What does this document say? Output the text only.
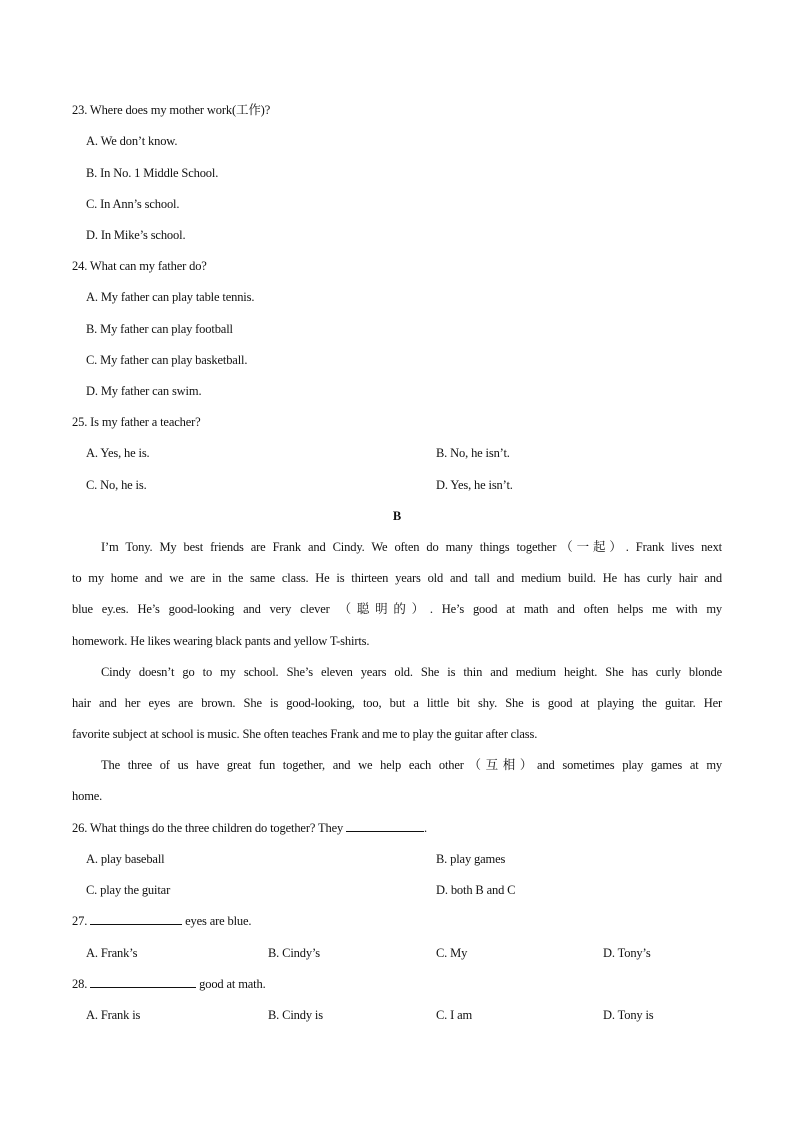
23. Where does my mother work(工作)?
A. We don’t know.
B. In No. 1 Middle School.
C. In Ann’s school.
D. In Mike’s school.
24. What can my father do?
A. My father can play table tennis.
B. My father can play football
C. My father can play basketball.
D. My father can swim.
25. Is my father a teacher?
A. Yes, he is.	B. No, he isn’t.
C. No, he is.	D. Yes, he isn’t.
B
I’m Tony. My best friends are Frank and Cindy. We often do many things together（一起）. Frank lives next
to my home and we are in the same class. He is thirteen years old and tall and medium build. He has curly hair and
blue ey.es. He’s good-looking and very clever （聪明的）. He’s good at math and often helps me with my
homework. He likes wearing black pants and yellow T-shirts.
Cindy doesn’t go to my school. She’s eleven years old. She is thin and medium height. She has curly blonde
hair and her eyes are brown. She is good-looking, too, but a little bit shy. She is good at playing the guitar. Her
favorite subject at school is music. She often teaches Frank and me to play the guitar after class.
The three of us have great fun together, and we help each other（互相）and sometimes play games at my
home.
26. What things do the three children do together? They	.
A. play baseball	B. play games
C. play the guitar	D. both B and C
27.	eyes are blue.
A. Frank’s	B. Cindy’s	C. My	D. Tony’s
28.	good at math.
A. Frank is	B. Cindy is	C. I am	D. Tony is
